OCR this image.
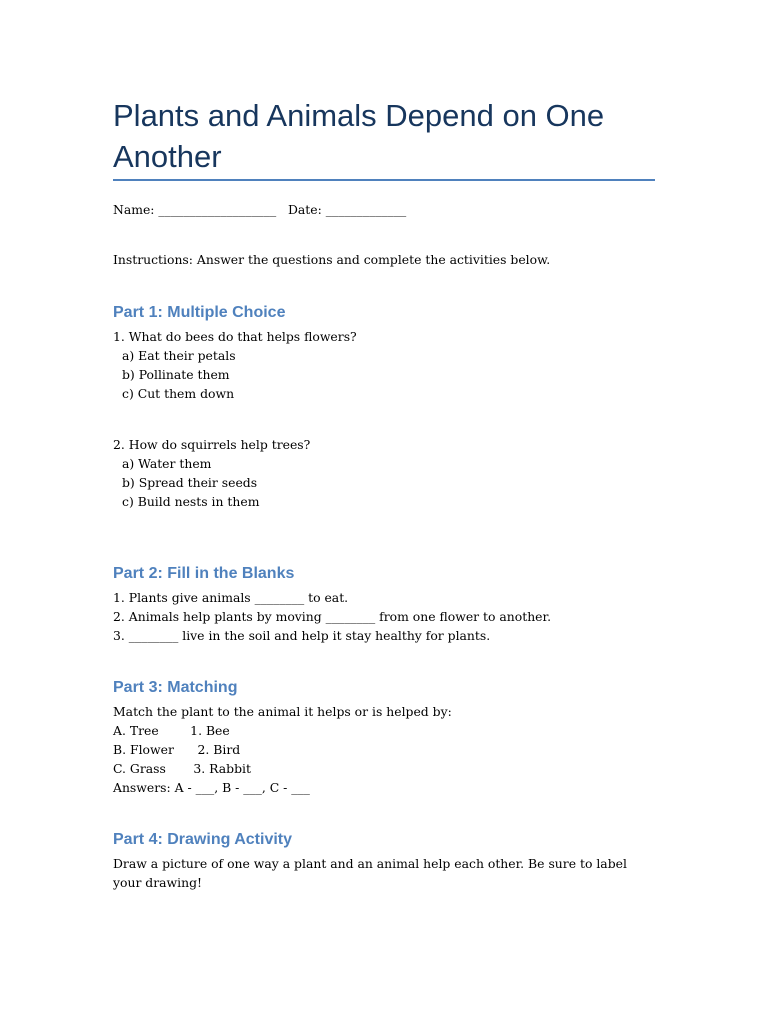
Plants and Animals Depend on One Another
Name: ___________________   Date: _____________
Instructions: Answer the questions and complete the activities below.
Part 1: Multiple Choice
1. What do bees do that helps flowers?
a) Eat their petals
b) Pollinate them
c) Cut them down
2. How do squirrels help trees?
a) Water them
b) Spread their seeds
c) Build nests in them
Part 2: Fill in the Blanks
1. Plants give animals ________ to eat.
2. Animals help plants by moving ________ from one flower to another.
3. ________ live in the soil and help it stay healthy for plants.
Part 3: Matching
Match the plant to the animal it helps or is helped by:
A. Tree        1. Bee
B. Flower      2. Bird
C. Grass       3. Rabbit
Answers: A - ___, B - ___, C - ___
Part 4: Drawing Activity
Draw a picture of one way a plant and an animal help each other. Be sure to label your drawing!
